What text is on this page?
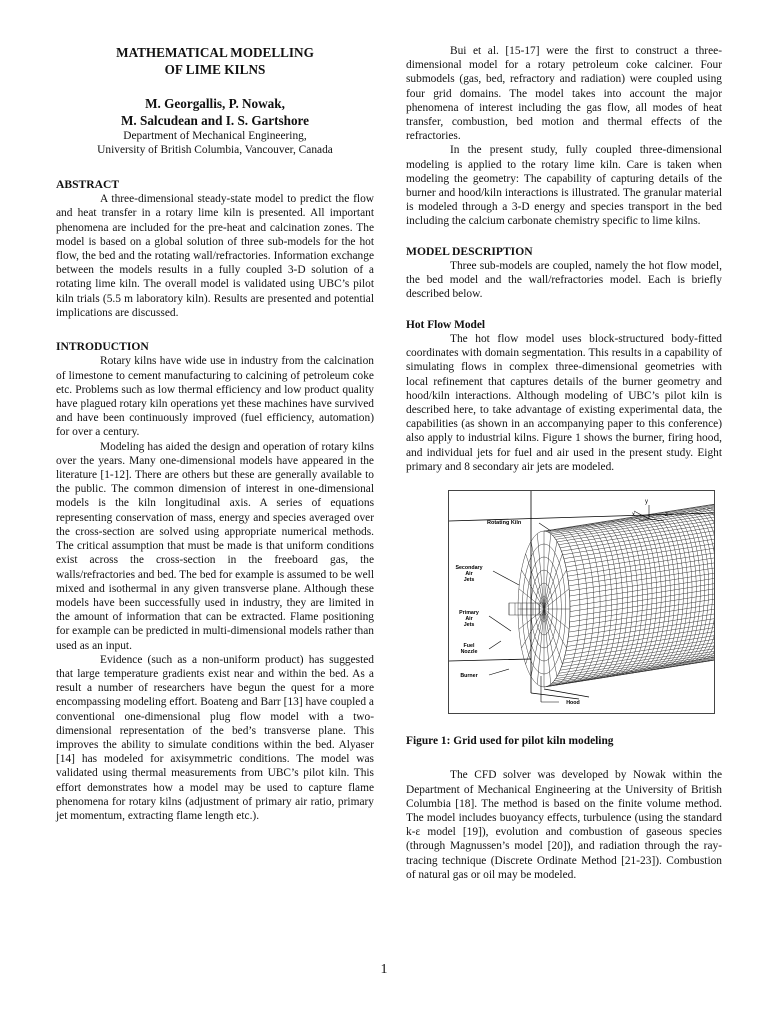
MATHEMATICAL MODELLING
OF LIME KILNS
M. Georgallis, P. Nowak,
M. Salcudean and I. S. Gartshore
Department of Mechanical Engineering,
University of British Columbia, Vancouver, Canada
ABSTRACT

A three-dimensional steady-state model to predict the flow and heat transfer in a rotary lime kiln is presented. All important phenomena are included for the pre-heat and calcination zones. The model is based on a global solution of three sub-models for the hot flow, the bed and the rotating wall/refractories. Information exchange between the models results in a fully coupled 3-D solution of a rotating lime kiln. The overall model is validated using UBC’s pilot kiln trials (5.5 m laboratory kiln). Results are presented and potential implications are discussed.

INTRODUCTION

Rotary kilns have wide use in industry from the calcination of limestone to cement manufacturing to calcining of petroleum coke etc. Problems such as low thermal efficiency and low product quality have plagued rotary kiln operations yet these machines have survived and have been continuously improved (fuel efficiency, automation) for over a century.

Modeling has aided the design and operation of rotary kilns over the years. Many one-dimensional models have appeared in the literature [1-12]. There are others but these are generally available to the public. The common dimension of interest in one-dimensional models is the kiln longitudinal axis. A series of equations representing conservation of mass, energy and species averaged over the cross-section are solved using appropriate numerical methods. The critical assumption that must be made is that uniform conditions exist across the cross-section in the freeboard gas, the walls/refractories and bed. The bed for example is assumed to be well mixed and isothermal in any given transverse plane. Although these models have been successfully used in industry, they are limited in the amount of information that can be extracted. Flame positioning for example can be predicted in multi-dimensional models rather than used as an input.

Evidence (such as a non-uniform product) has suggested that large temperature gradients exist near and within the bed. As a result a number of researchers have begun the quest for a more encompassing modeling effort. Boateng and Barr [13] have coupled a conventional one-dimensional plug flow model with a two-dimensional representation of the bed’s transverse plane. This improves the ability to simulate conditions within the bed. Alyaser [14] has modeled for axisymmetric conditions. The model was validated using thermal measurements from UBC’s pilot kiln. This effort demonstrates how a model may be used to capture flame phenomena for rotary kilns (adjustment of primary air ratio, primary jet momentum, extracting flame length etc.).

Bui et al. [15-17] were the first to construct a three-dimensional model for a rotary petroleum coke calciner. Four submodels (gas, bed, refractory and radiation) were coupled using four grid domains. The model takes into account the major phenomena of interest including the gas flow, all modes of heat transfer, combustion, bed motion and thermal effects of the refractories.

In the present study, fully coupled three-dimensional modeling is applied to the rotary lime kiln. Care is taken when modeling the geometry: The capability of capturing details of the burner and hood/kiln interactions is illustrated. The granular material is modeled through a 3-D energy and species transport in the bed including the calcium carbonate chemistry specific to lime kilns.

MODEL DESCRIPTION

Three sub-models are coupled, namely the hot flow model, the bed model and the wall/refractories model. Each is briefly described below.

Hot Flow Model

The hot flow model uses block-structured body-fitted coordinates with domain segmentation. This results in a capability of simulating flows in complex three-dimensional geometries with local refinement that captures details of the burner geometry and hood/kiln interactions. Although modeling of UBC’s pilot kiln is described here, to take advantage of existing experimental data, the capabilities (as shown in an accompanying paper to this conference) also apply to industrial kilns. Figure 1 shows the burner, firing hood, and individual jets for fuel and air used in the present study. Eight primary and 8 secondary air jets are modeled.

Rotating Kiln
x
y
z
Secondary
Air
Jets
Primary
Air
Jets
Fuel
Nozzle
Burner
Hood

Figure 1: Grid used for pilot kiln modeling

The CFD solver was developed by Nowak within the Department of Mechanical Engineering at the University of British Columbia [18]. The method is based on the finite volume method. The model includes buoyancy effects, turbulence (using the standard k-ε model [19]), evolution and combustion of gaseous species (through Magnussen’s model [20]), and radiation through the ray-tracing technique (Discrete Ordinate Method [21-23]). Combustion of natural gas or oil may be modeled.

1
